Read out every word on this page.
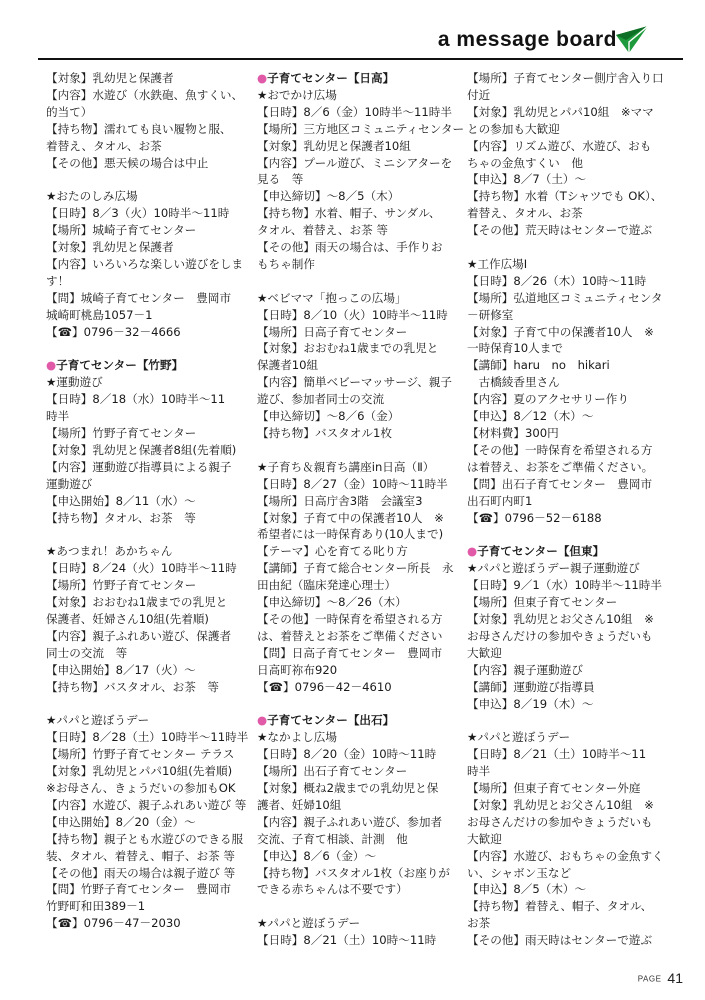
a message board

【対象】乳幼児と保護者

【内容】水遊び（水鉄砲、魚すくい、

的当て）

【持ち物】濡れても良い履物と服、

着替え、タオル、お茶

【その他】悪天候の場合は中止

★おたのしみ広場

【日時】8／3（火）10時半～11時

【場所】城崎子育てセンター

【対象】乳幼児と保護者

【内容】いろいろな楽しい遊びをします！

【問】城崎子育てセンター　豊岡市

城崎町桃島1057－1

【☎】0796－32－4666

●子育てセンター【竹野】

★運動遊び

【日時】8／18（水）10時半～11

時半

【場所】竹野子育てセンター

【対象】乳幼児と保護者8組(先着順)

【内容】運動遊び指導員による親子

運動遊び

【申込開始】8／11（水）～

【持ち物】タオル、お茶　等

★あつまれ！あかちゃん

【日時】8／24（火）10時半～11時

【場所】竹野子育てセンター

【対象】おおむね1歳までの乳児と

保護者、妊婦さん10組(先着順)

【内容】親子ふれあい遊び、保護者

同士の交流　等

【申込開始】8／17（火）～

【持ち物】バスタオル、お茶　等

★パパと遊ぼうデー

【日時】8／28（土）10時半～11時半

【場所】竹野子育てセンター テラス

【対象】乳幼児とパパ10組(先着順)

※お母さん、きょうだいの参加もOK

【内容】水遊び、親子ふれあい遊び 等

【申込開始】8／20（金）～

【持ち物】親子とも水遊びのできる服

装、タオル、着替え、帽子、お茶 等

【その他】雨天の場合は親子遊び 等

【問】竹野子育てセンター　豊岡市

竹野町和田389－1

【☎】0796－47－2030

●子育てセンター【日高】

★おでかけ広場

【日時】8／6（金）10時半～11時半

【場所】三方地区コミュニティセンター

【対象】乳幼児と保護者10組

【内容】プール遊び、ミニシアターを

見る　等

【申込締切】～8／5（木）

【持ち物】水着、帽子、サンダル、

タオル、着替え、お茶 等

【その他】雨天の場合は、手作りお

もちゃ制作

★ベビママ「抱っこの広場」

【日時】8／10（火）10時半～11時

【場所】日高子育てセンター

【対象】おおむね1歳までの乳児と

保護者10組

【内容】簡単ベビーマッサージ、親子

遊び、参加者同士の交流

【申込締切】～8／6（金）

【持ち物】バスタオル1枚

★子育ち＆親育ち講座in日高（Ⅱ）

【日時】8／27（金）10時～11時半

【場所】日高庁舎3階　会議室3

【対象】子育て中の保護者10人　※

希望者には一時保育あり(10人まで)

【テーマ】心を育てる叱り方

【講師】子育て総合センター所長　永

田由紀（臨床発達心理士）

【申込締切】～8／26（木）

【その他】一時保育を希望される方

は、着替えとお茶をご準備ください

【問】日高子育てセンター　豊岡市

日高町祢布920

【☎】0796－42－4610

●子育てセンター【出石】

★なかよし広場

【日時】8／20（金）10時～11時

【場所】出石子育てセンター

【対象】概ね2歳までの乳幼児と保

護者、妊婦10組

【内容】親子ふれあい遊び、参加者

交流、子育て相談、計測　他

【申込】8／6（金）～

【持ち物】バスタオル1枚（お座りが

できる赤ちゃんは不要です）

★パパと遊ぼうデー

【日時】8／21（土）10時～11時

【場所】子育てセンター側庁舎入り口

付近

【対象】乳幼児とパパ10組　※ママ

との参加も大歓迎

【内容】リズム遊び、水遊び、おも

ちゃの金魚すくい　他

【申込】8／7（土）～

【持ち物】水着（Tシャツでも OK）、

着替え、タオル、お茶

【その他】荒天時はセンターで遊ぶ

★工作広場Ⅰ

【日時】8／26（木）10時～11時

【場所】弘道地区コミュニティセンタ

－研修室

【対象】子育て中の保護者10人　※

一時保育10人まで

【講師】haru　no　hikari

　古橋綾香里さん

【内容】夏のアクセサリー作り

【申込】8／12（木）～

【材料費】300円

【その他】一時保育を希望される方

は着替え、お茶をご準備ください。

【問】出石子育てセンター　豊岡市

出石町内町1

【☎】0796－52－6188

●子育てセンター【但東】

★パパと遊ぼうデー親子運動遊び

【日時】9／1（水）10時半～11時半

【場所】但東子育てセンター

【対象】乳幼児とお父さん10組　※

お母さんだけの参加やきょうだいも

大歓迎

【内容】親子運動遊び

【講師】運動遊び指導員

【申込】8／19（木）～

★パパと遊ぼうデー

【日時】8／21（土）10時半～11

時半

【場所】但東子育てセンター外庭

【対象】乳幼児とお父さん10組　※

お母さんだけの参加やきょうだいも

大歓迎

【内容】水遊び、おもちゃの金魚すく

い、シャボン玉など

【申込】8／5（木）～

【持ち物】着替え、帽子、タオル、

お茶

【その他】雨天時はセンターで遊ぶ

PAGE 41
